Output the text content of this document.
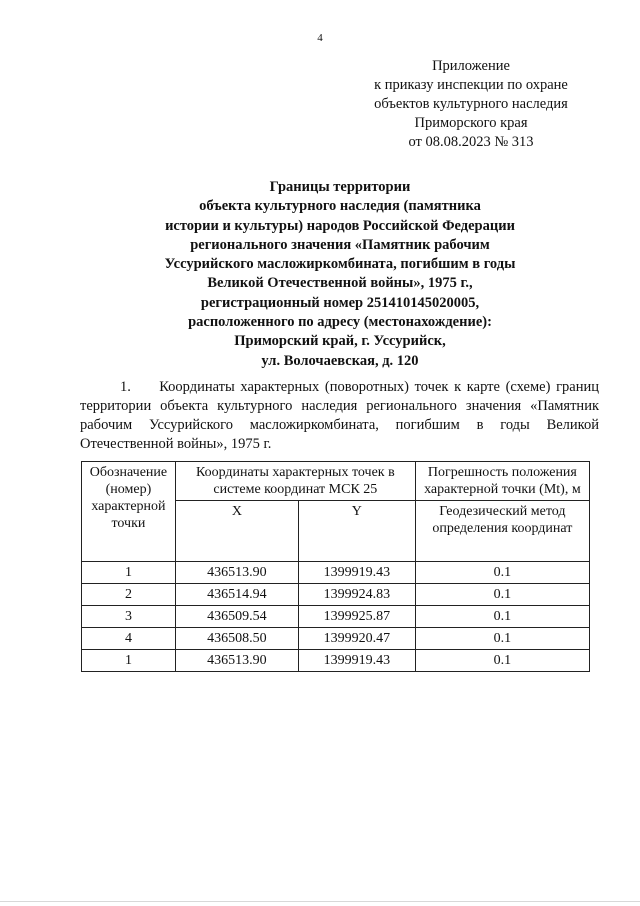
4
Приложение
к приказу инспекции по охране
объектов культурного наследия
Приморского края
от 08.08.2023 № 313
Границы территории
объекта культурного наследия (памятника
истории и культуры) народов Российской Федерации
регионального значения «Памятник рабочим
Уссурийского масложиркомбината, погибшим в годы
Великой Отечественной войны», 1975 г.,
регистрационный номер 251410145020005,
расположенного по адресу (местонахождение):
Приморский край, г. Уссурийск,
ул. Волочаевская, д. 120
1.     Координаты характерных (поворотных) точек к карте (схеме) границ территории объекта культурного наследия регионального значения «Памятник рабочим Уссурийского масложиркомбината, погибшим в годы Великой Отечественной войны», 1975 г.
Обозначение (номер) характерной точки	Координаты характерных точек в системе координат МСК 25		Погрешность положения характерной точки (Mt), м
	X	Y	Геодезический метод определения координат
1	436513.90	1399919.43	0.1
2	436514.94	1399924.83	0.1
3	436509.54	1399925.87	0.1
4	436508.50	1399920.47	0.1
1	436513.90	1399919.43	0.1
